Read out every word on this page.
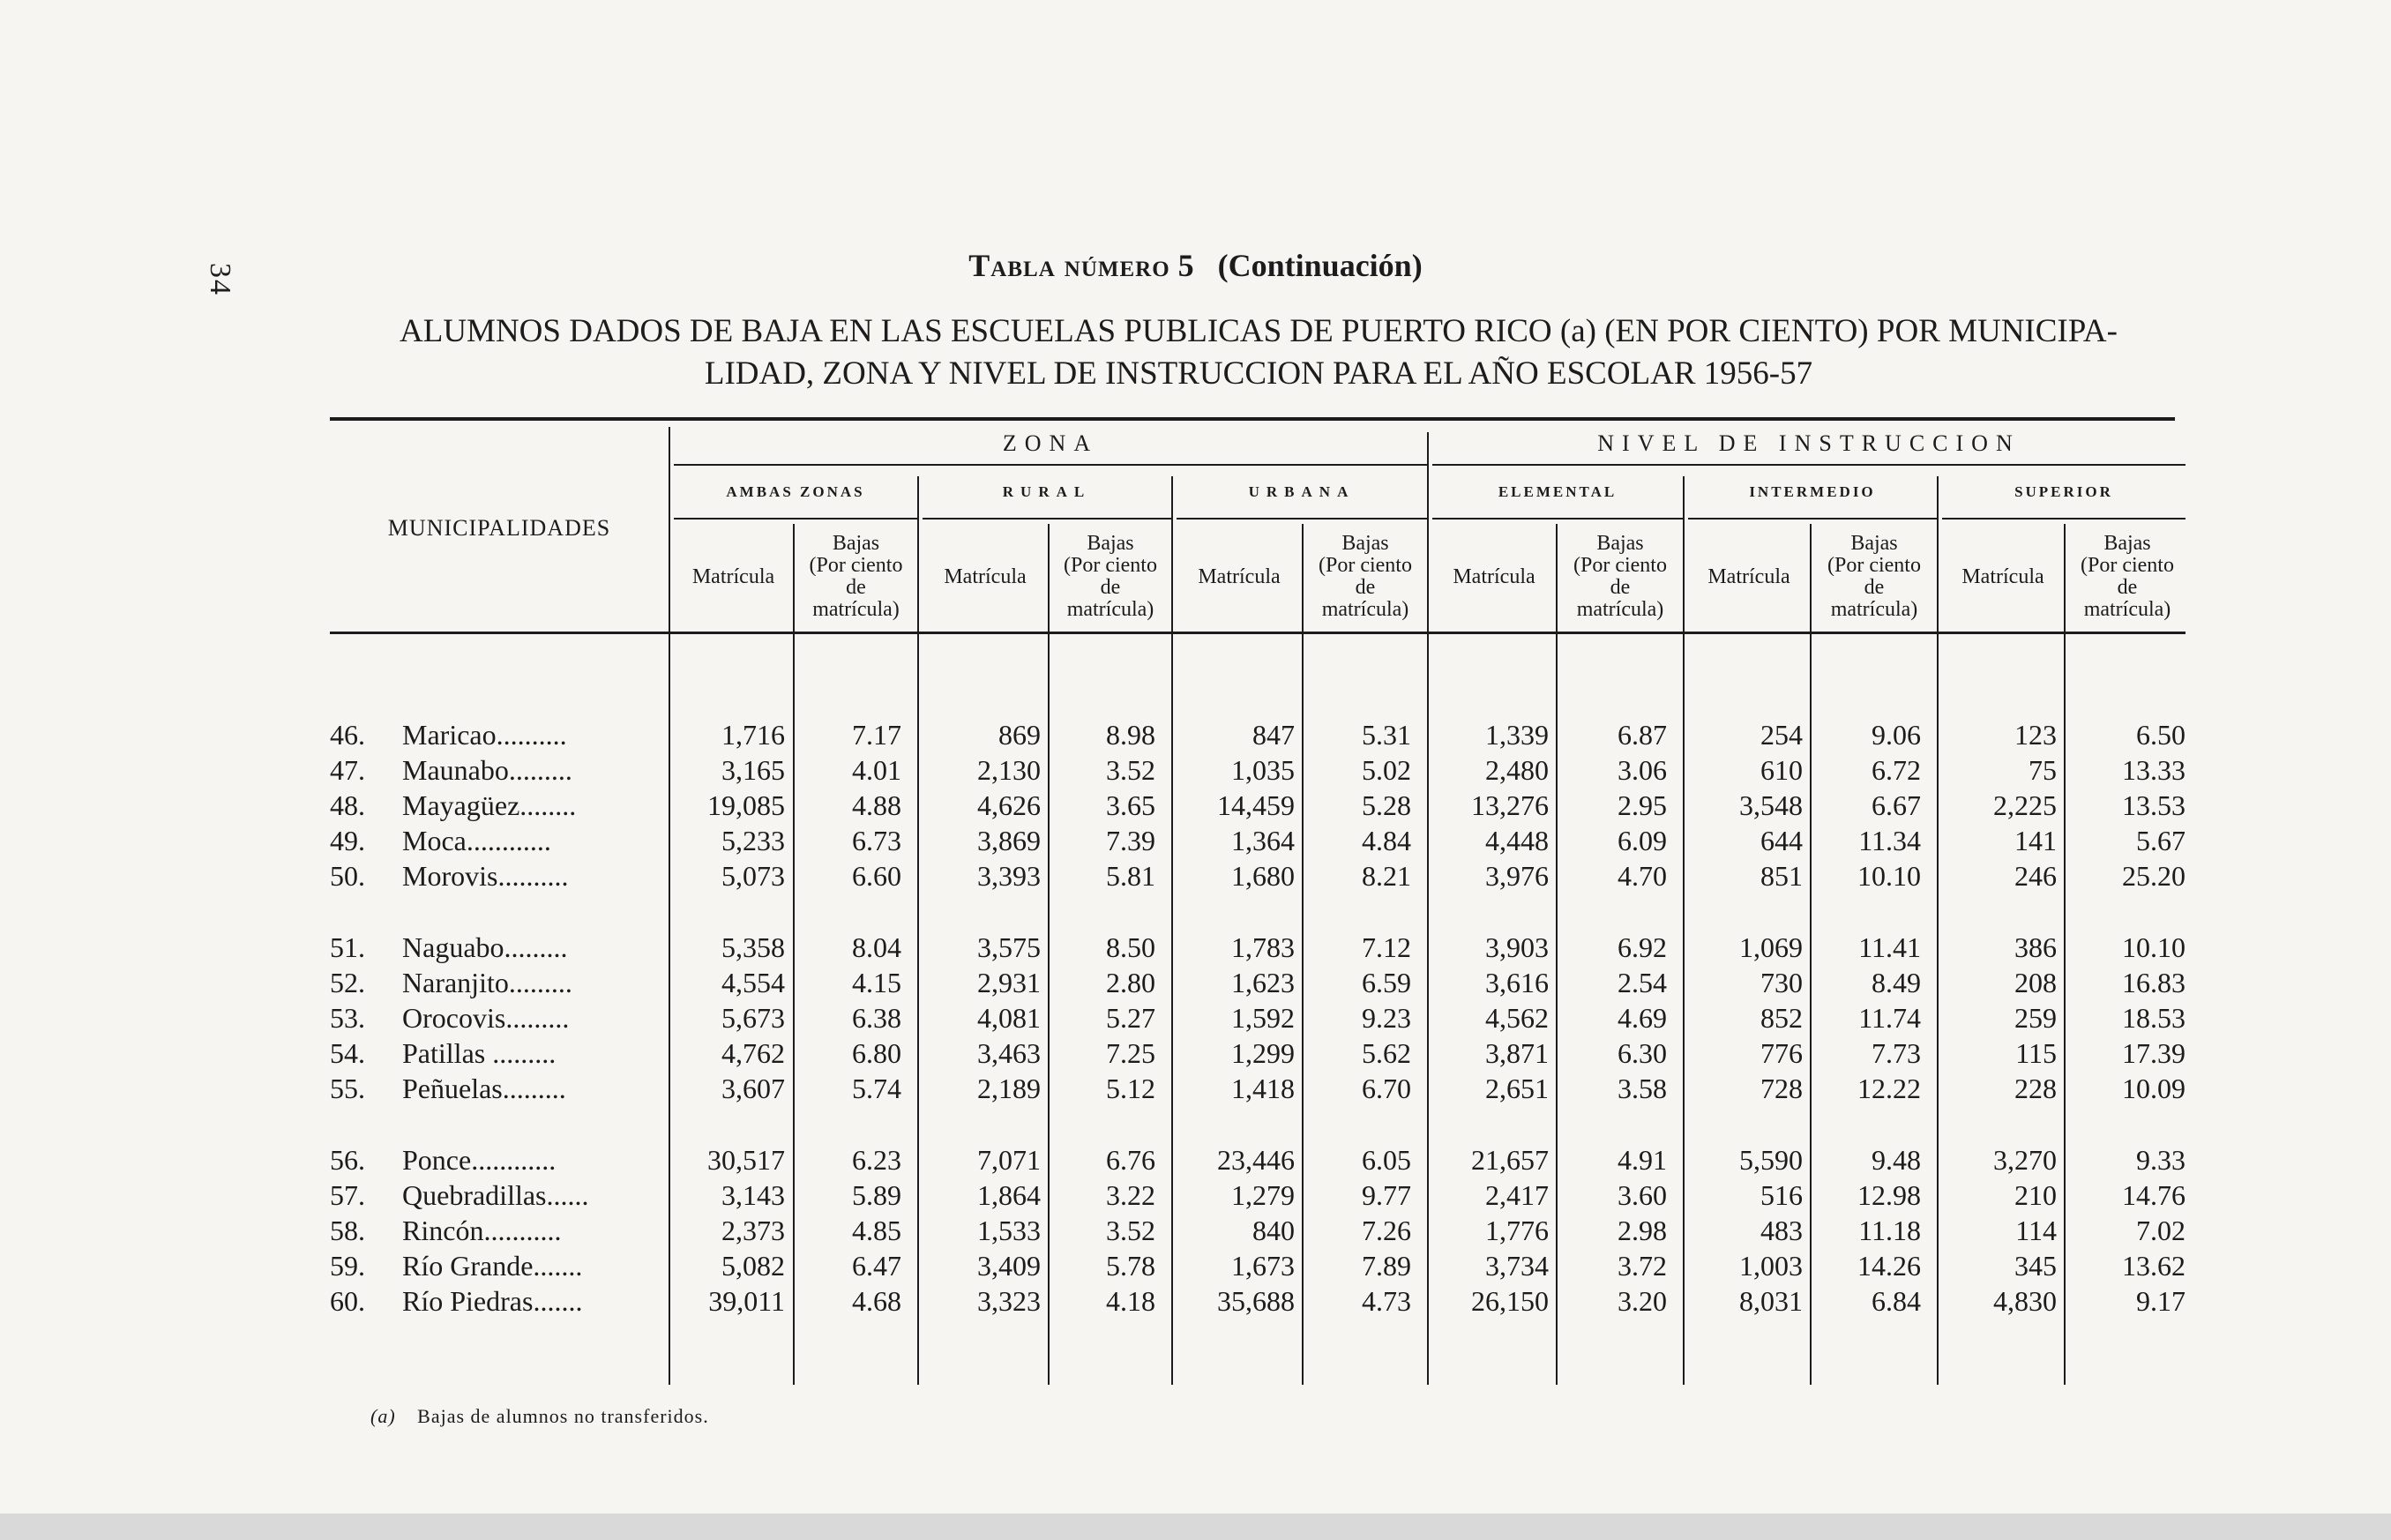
34	Tabla número 5 (Continuación)
ALUMNOS DADOS DE BAJA EN LAS ESCUELAS PUBLICAS DE PUERTO RICO (a) (EN POR CIENTO) POR MUNICIPA-
LIDAD, ZONA Y NIVEL DE INSTRUCCION PARA EL AÑO ESCOLAR 1956-57
MUNICIPALIDADES
ZONA	NIVEL DE INSTRUCCION
AMBAS ZONAS	RURAL	URBANA	ELEMENTAL	INTERMEDIO	SUPERIOR
Matrícula
Bajas
(Por ciento
de
matrícula)
Matrícula
Bajas
(Por ciento
de
matrícula)
Matrícula
Bajas
(Por ciento
de
matrícula)
Matrícula
Bajas
(Por ciento
de
matrícula)
Matrícula
Bajas
(Por ciento
de
matrícula)
Matrícula
Bajas
(Por ciento
de
matrícula)
46. Maricao..........	1,716 7.17	869 8.98	847 5.31	1,339 6.87	254 9.06	123	6.50
47. Maunabo.........	3,165 4.01	2,130 3.52	1,035 5.02	2,480 3.06	610 6.72	75 13.33
48. Mayagüez........	19,085 4.88	4,626 3.65 14,459 5.28 13,276 2.95	3,548 6.67	2,225 13.53
49. Moca............	5,233 6.73	3,869 7.39	1,364 4.84	4,448 6.09	644 11.34	141	5.67
50. Morovis..........	5,073 6.60	3,393 5.81	1,680 8.21	3,976 4.70	851 10.10	246 25.20
51. Naguabo.........	5,358 8.04	3,575 8.50	1,783 7.12	3,903 6.92	1,069 11.41	386 10.10
52. Naranjito.........	4,554 4.15	2,931 2.80	1,623 6.59	3,616 2.54	730 8.49	208 16.83
53. Orocovis.........	5,673 6.38	4,081 5.27	1,592 9.23	4,562 4.69	852 11.74	259 18.53
54. Patillas .........	4,762 6.80	3,463 7.25	1,299 5.62	3,871 6.30	776 7.73	115 17.39
55. Peñuelas.........	3,607 5.74	2,189 5.12	1,418 6.70	2,651 3.58	728 12.22	228 10.09
56. Ponce............	30,517 6.23	7,071 6.76 23,446 6.05 21,657 4.91	5,590 9.48	3,270	9.33
57. Quebradillas......	3,143 5.89	1,864 3.22	1,279 9.77	2,417 3.60	516 12.98	210 14.76
58. Rincón...........	2,373 4.85	1,533 3.52	840 7.26	1,776 2.98	483 11.18	114	7.02
59. Río Grande.......	5,082 6.47	3,409 5.78	1,673 7.89	3,734 3.72	1,003 14.26	345 13.62
60. Río Piedras.......	39,011 4.68	3,323 4.18 35,688 4.73 26,150 3.20	8,031 6.84	4,830	9.17
(a) Bajas de alumnos no transferidos.
